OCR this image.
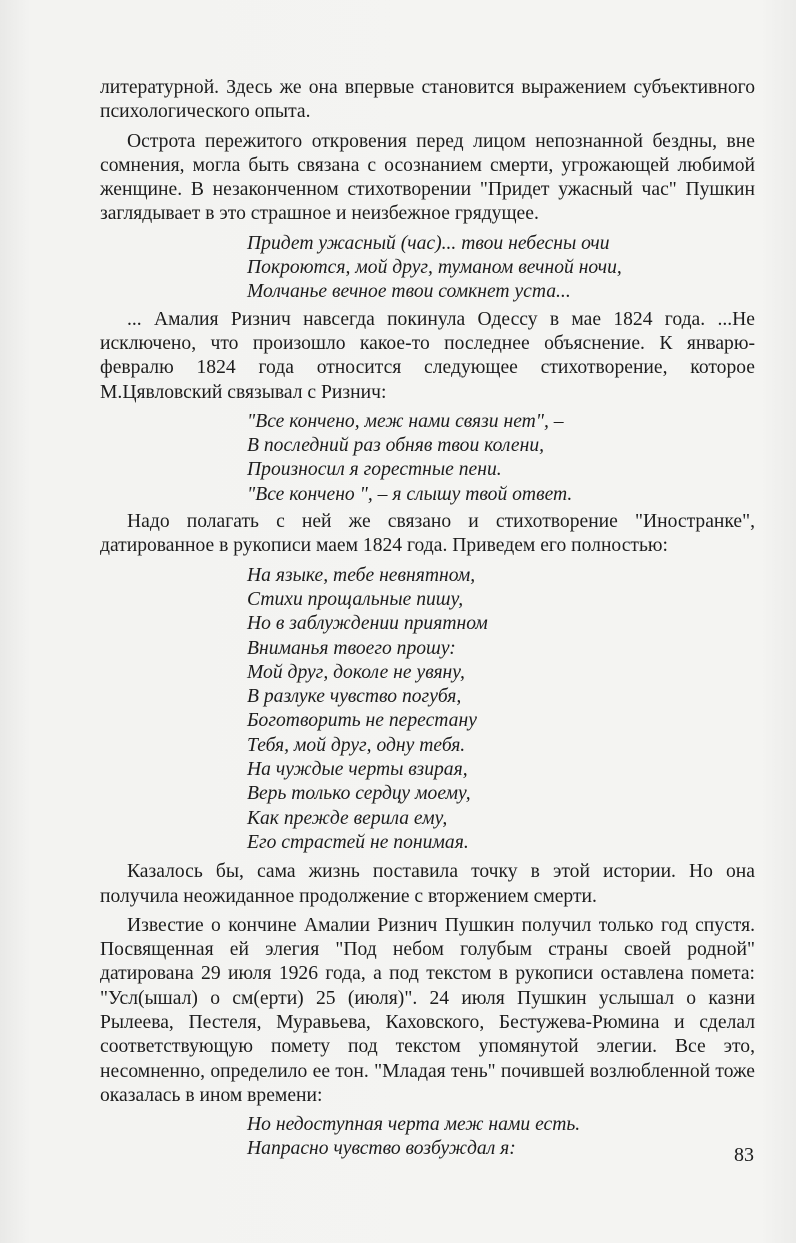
литературной. Здесь же она впервые становится выражением субъективного психологического опыта.

Острота пережитого откровения перед лицом непознанной бездны, вне сомнения, могла быть связана с осознанием смерти, угрожающей любимой женщине. В незаконченном стихотворении "Придет ужасный час" Пушкин заглядывает в это страшное и неизбежное грядущее.

Придет ужасный (час)... твои небесны очи
Покроются, мой друг, туманом вечной ночи,
Молчанье вечное твои сомкнет уста...

... Амалия Ризнич навсегда покинула Одессу в мае 1824 года. ...Не исключено, что произошло какое-то последнее объяснение. К январю-февралю 1824 года относится следующее стихотворение, которое М.Цявловский связывал с Ризнич:

"Все кончено, меж нами связи нет", –
В последний раз обняв твои колени,
Произносил я горестные пени.
"Все кончено ", – я слышу твой ответ.

Надо полагать с ней же связано и стихотворение "Иностранке", датированное в рукописи маем 1824 года. Приведем его полностью:

На языке, тебе невнятном,
Стихи прощальные пишу,
Но в заблуждении приятном
Вниманья твоего прошу:
Мой друг, доколе не увяну,
В разлуке чувство погубя,
Боготворить не перестану
Тебя, мой друг, одну тебя.
На чуждые черты взирая,
Верь только сердцу моему,
Как прежде верила ему,
Его страстей не понимая.

Казалось бы, сама жизнь поставила точку в этой истории. Но она получила неожиданное продолжение с вторжением смерти.

Известие о кончине Амалии Ризнич Пушкин получил только год спустя. Посвященная ей элегия "Под небом голубым страны своей родной" датирована 29 июля 1926 года, а под текстом в рукописи оставлена помета: "Усл(ышал) о см(ерти) 25 (июля)". 24 июля Пушкин услышал о казни Рылеева, Пестеля, Муравьева, Каховского, Бестужева-Рюмина и сделал соответствующую помету под текстом упомянутой элегии. Все это, несомненно, определило ее тон. "Младая тень" почившей возлюбленной тоже оказалась в ином времени:

Но недоступная черта меж нами есть.
Напрасно чувство возбуждал я:	83
